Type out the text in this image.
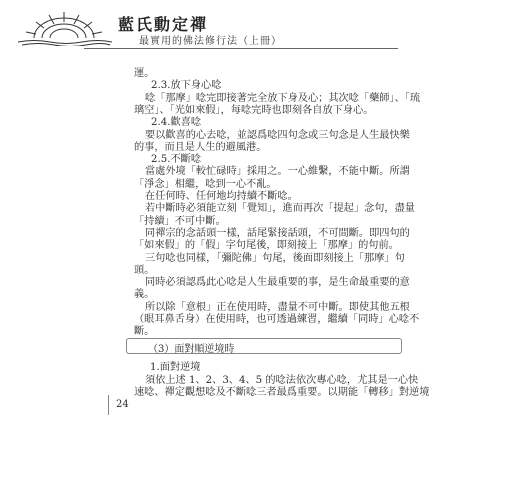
藍氏動定禪
最實用的佛法修行法（上冊）
運。
2.3.放下身心唸
唸「那摩」唸完即接著完全放下身及心；其次唸「藥師」、「琉
璃空」、「光如來假」，每唸完時也即刻各自放下身心。
2.4.歡喜唸
要以歡喜的心去唸，並認爲唸四句念或三句念是人生最快樂
的事，而且是人生的避風港。
2.5.不斷唸
當處外境「較忙碌時」採用之。一心維繫，不能中斷。所謂
「淨念」相繼，唸到一心不亂。
在任何時、任何地均持續不斷唸。
若中斷時必須能立刻「覺知」，進而再次「提起」念句，盡量
「持續」不可中斷。
同禪宗的念話頭一樣，話尾緊接話頭，不可間斷。即四句的
「如來假」的「假」字句尾後，即刻接上「那摩」的句前。
三句唸也同樣，「彌陀佛」句尾，後面即刻接上「那摩」句
頭。
同時必須認爲此心唸是人生最重要的事，是生命最重要的意
義。
所以除「意根」正在使用時，盡量不可中斷。即使其他五根
（眼耳鼻舌身）在使用時，也可透過練習，繼續「同時」心唸不
斷。
（3）面對順逆境時
24
1.面對逆境
須依上述 1、2、3、4、5 的唸法依次專心唸，尤其是一心快
速唸、禪定觀想唸及不斷唸三者最爲重要。以期能「轉移」對逆境
